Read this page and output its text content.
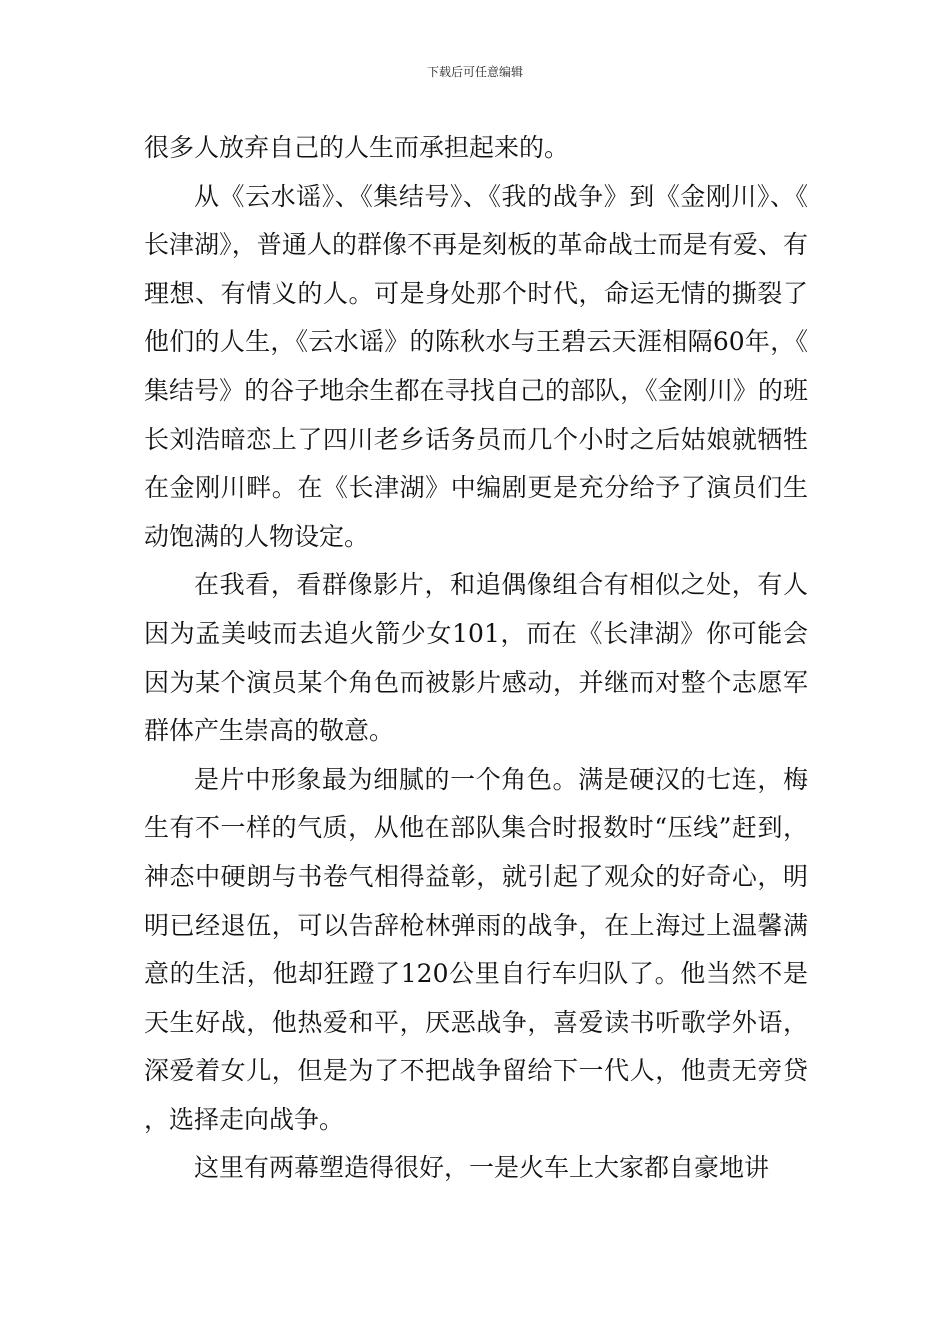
下载后可任意编辑

很多人放弃自己的人生而承担起来的。

从《云水谣》、《集结号》、《我的战争》到《金刚川》、《长津湖》，普通人的群像不再是刻板的革命战士而是有爱、有理想、有情义的人。可是身处那个时代，命运无情的撕裂了他们的人生，《云水谣》的陈秋水与王碧云天涯相隔60年，《集结号》的谷子地余生都在寻找自己的部队，《金刚川》的班长刘浩暗恋上了四川老乡话务员而几个小时之后姑娘就牺牲在金刚川畔。在《长津湖》中编剧更是充分给予了演员们生动饱满的人物设定。

在我看，看群像影片，和追偶像组合有相似之处，有人因为孟美岐而去追火箭少女101，而在《长津湖》你可能会因为某个演员某个角色而被影片感动，并继而对整个志愿军群体产生崇高的敬意。

是片中形象最为细腻的一个角色。满是硬汉的七连，梅生有不一样的气质，从他在部队集合时报数时“压线”赶到，神态中硬朗与书卷气相得益彰，就引起了观众的好奇心，明明已经退伍，可以告辞枪林弹雨的战争，在上海过上温馨满意的生活，他却狂蹬了120公里自行车归队了。他当然不是天生好战，他热爱和平，厌恶战争，喜爱读书听歌学外语，深爱着女儿，但是为了不把战争留给下一代人，他责无旁贷，选择走向战争。

这里有两幕塑造得很好，一是火车上大家都自豪地讲
